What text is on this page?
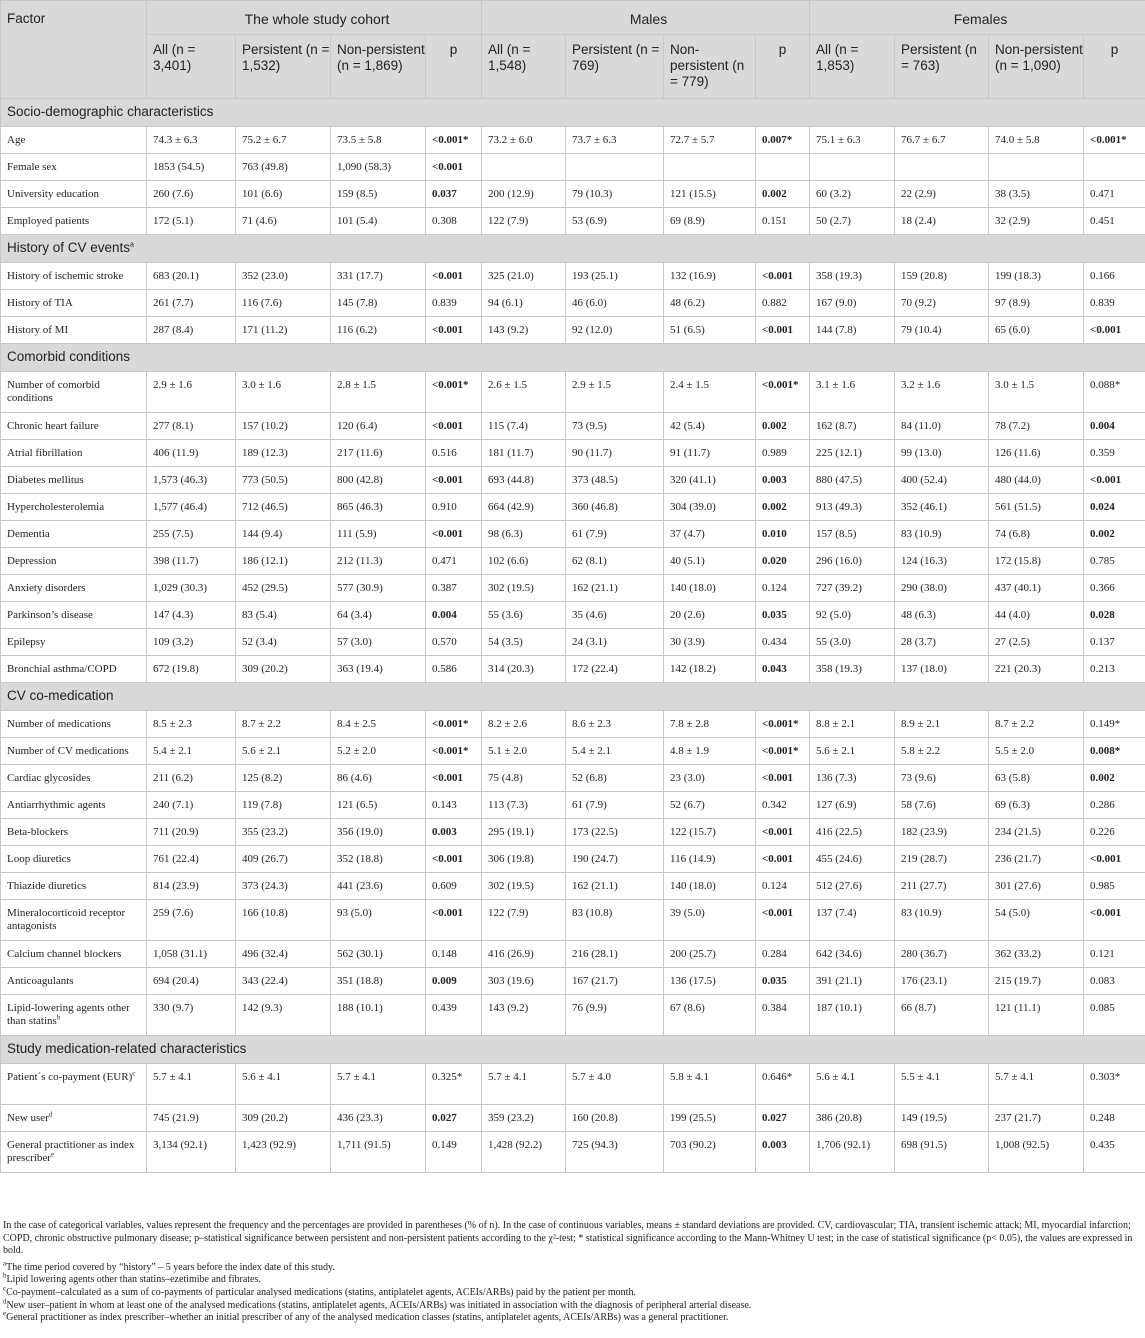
Factor	The whole study cohort				Males				Females			
	All (n = 3,401)	Persistent (n = 1,532)	Non-persistent (n = 1,869)	p	All (n = 1,548)	Persistent (n = 769)	Non-persistent (n = 779)	p	All (n = 1,853)	Persistent (n = 763)	Non-persistent (n = 1,090)	p
Socio-demographic characteristics												
Age	74.3 ± 6.3	75.2 ± 6.7	73.5 ± 5.8	<0.001*	73.2 ± 6.0	73.7 ± 6.3	72.7 ± 5.7	0.007*	75.1 ± 6.3	76.7 ± 6.7	74.0 ± 5.8	<0.001*
Female sex	1853 (54.5)	763 (49.8)	1,090 (58.3)	<0.001								
University education	260 (7.6)	101 (6.6)	159 (8.5)	0.037	200 (12.9)	79 (10.3)	121 (15.5)	0.002	60 (3.2)	22 (2.9)	38 (3.5)	0.471
Employed patients	172 (5.1)	71 (4.6)	101 (5.4)	0.308	122 (7.9)	53 (6.9)	69 (8.9)	0.151	50 (2.7)	18 (2.4)	32 (2.9)	0.451
History of CV events$^a$
History of ischemic stroke	683 (20.1)	352 (23.0)	331 (17.7)	<0.001	325 (21.0)	193 (25.1)	132 (16.9)	<0.001	358 (19.3)	159 (20.8)	199 (18.3)	0.166
History of TIA	261 (7.7)	116 (7.6)	145 (7.8)	0.839	94 (6.1)	46 (6.0)	48 (6.2)	0.882	167 (9.0)	70 (9.2)	97 (8.9)	0.839
History of MI	287 (8.4)	171 (11.2)	116 (6.2)	<0.001	143 (9.2)	92 (12.0)	51 (6.5)	<0.001	144 (7.8)	79 (10.4)	65 (6.0)	<0.001
Comorbid conditions												
Number of comorbid conditions	2.9 ± 1.6	3.0 ± 1.6	2.8 ± 1.5	<0.001*	2.6 ± 1.5	2.9 ± 1.5	2.4 ± 1.5	<0.001*	3.1 ± 1.6	3.2 ± 1.6	3.0 ± 1.5	0.088*
Chronic heart failure	277 (8.1)	157 (10.2)	120 (6.4)	<0.001	115 (7.4)	73 (9.5)	42 (5.4)	0.002	162 (8.7)	84 (11.0)	78 (7.2)	0.004
Atrial fibrillation	406 (11.9)	189 (12.3)	217 (11.6)	0.516	181 (11.7)	90 (11.7)	91 (11.7)	0.989	225 (12.1)	99 (13.0)	126 (11.6)	0.359
Diabetes mellitus	1,573 (46.3)	773 (50.5)	800 (42.8)	<0.001	693 (44.8)	373 (48.5)	320 (41.1)	0.003	880 (47.5)	400 (52.4)	480 (44.0)	<0.001
Hypercholesterolemia	1,577 (46.4)	712 (46.5)	865 (46.3)	0.910	664 (42.9)	360 (46.8)	304 (39.0)	0.002	913 (49.3)	352 (46.1)	561 (51.5)	0.024
Dementia	255 (7.5)	144 (9.4)	111 (5.9)	<0.001	98 (6.3)	61 (7.9)	37 (4.7)	0.010	157 (8.5)	83 (10.9)	74 (6.8)	0.002
Depression	398 (11.7)	186 (12.1)	212 (11.3)	0.471	102 (6.6)	62 (8.1)	40 (5.1)	0.020	296 (16.0)	124 (16.3)	172 (15.8)	0.785
Anxiety disorders	1,029 (30.3)	452 (29.5)	577 (30.9)	0.387	302 (19.5)	162 (21.1)	140 (18.0)	0.124	727 (39.2)	290 (38.0)	437 (40.1)	0.366
Parkinson’s disease	147 (4.3)	83 (5.4)	64 (3.4)	0.004	55 (3.6)	35 (4.6)	20 (2.6)	0.035	92 (5.0)	48 (6.3)	44 (4.0)	0.028
Epilepsy	109 (3.2)	52 (3.4)	57 (3.0)	0.570	54 (3.5)	24 (3.1)	30 (3.9)	0.434	55 (3.0)	28 (3.7)	27 (2.5)	0.137
Bronchial asthma/COPD	672 (19.8)	309 (20.2)	363 (19.4)	0.586	314 (20.3)	172 (22.4)	142 (18.2)	0.043	358 (19.3)	137 (18.0)	221 (20.3)	0.213
CV co-medication												
Number of medications	8.5 ± 2.3	8.7 ± 2.2	8.4 ± 2.5	<0.001*	8.2 ± 2.6	8.6 ± 2.3	7.8 ± 2.8	<0.001*	8.8 ± 2.1	8.9 ± 2.1	8.7 ± 2.2	0.149*
Number of CV medications	5.4 ± 2.1	5.6 ± 2.1	5.2 ± 2.0	<0.001*	5.1 ± 2.0	5.4 ± 2.1	4.8 ± 1.9	<0.001*	5.6 ± 2.1	5.8 ± 2.2	5.5 ± 2.0	0.008*
Cardiac glycosides	211 (6.2)	125 (8.2)	86 (4.6)	<0.001	75 (4.8)	52 (6.8)	23 (3.0)	<0.001	136 (7.3)	73 (9.6)	63 (5.8)	0.002
Antiarrhythmic agents	240 (7.1)	119 (7.8)	121 (6.5)	0.143	113 (7.3)	61 (7.9)	52 (6.7)	0.342	127 (6.9)	58 (7.6)	69 (6.3)	0.286
Beta-blockers	711 (20.9)	355 (23.2)	356 (19.0)	0.003	295 (19.1)	173 (22.5)	122 (15.7)	<0.001	416 (22.5)	182 (23.9)	234 (21.5)	0.226
Loop diuretics	761 (22.4)	409 (26.7)	352 (18.8)	<0.001	306 (19.8)	190 (24.7)	116 (14.9)	<0.001	455 (24.6)	219 (28.7)	236 (21.7)	<0.001
Thiazide diuretics	814 (23.9)	373 (24.3)	441 (23.6)	0.609	302 (19.5)	162 (21.1)	140 (18.0)	0.124	512 (27.6)	211 (27.7)	301 (27.6)	0.985
Mineralocorticoid receptor antagonists	259 (7.6)	166 (10.8)	93 (5.0)	<0.001	122 (7.9)	83 (10.8)	39 (5.0)	<0.001	137 (7.4)	83 (10.9)	54 (5.0)	<0.001
Calcium channel blockers	1,058 (31.1)	496 (32.4)	562 (30.1)	0.148	416 (26.9)	216 (28.1)	200 (25.7)	0.284	642 (34.6)	280 (36.7)	362 (33.2)	0.121
Anticoagulants	694 (20.4)	343 (22.4)	351 (18.8)	0.009	303 (19.6)	167 (21.7)	136 (17.5)	0.035	391 (21.1)	176 (23.1)	215 (19.7)	0.083
Lipid-lowering agents other than statins$^b$	330 (9.7)	142 (9.3)	188 (10.1)	0.439	143 (9.2)	76 (9.9)	67 (8.6)	0.384	187 (10.1)	66 (8.7)	121 (11.1)	0.085
Study medication-related characteristics												
Patient´s co-payment (EUR)$^c$	5.7 ± 4.1	5.6 ± 4.1	5.7 ± 4.1	0.325*	5.7 ± 4.1	5.7 ± 4.0	5.8 ± 4.1	0.646*	5.6 ± 4.1	5.5 ± 4.1	5.7 ± 4.1	0.303*
New user$^d$	745 (21.9)	309 (20.2)	436 (23.3)	0.027	359 (23.2)	160 (20.8)	199 (25.5)	0.027	386 (20.8)	149 (19.5)	237 (21.7)	0.248
General practitioner as index prescriber$^e$	3,134 (92.1)	1,423 (92.9)	1,711 (91.5)	0.149	1,428 (92.2)	725 (94.3)	703 (90.2)	0.003	1,706 (92.1)	698 (91.5)	1,008 (92.5)	0.435

In the case of categorical variables, values represent the frequency and the percentages are provided in parentheses (% of n). In the case of continuous variables, means ± standard deviations are provided. CV, cardiovascular; TIA, transient ischemic attack; MI, myocardial infarction; COPD, chronic obstructive pulmonary disease; p–statistical significance between persistent and non-persistent patients according to the χ²-test; * statistical significance according to the Mann-Whitney U test; in the case of statistical significance (p< 0.05), the values are expressed in bold.

$^a$The time period covered by “history” – 5 years before the index date of this study.

$^b$Lipid lowering agents other than statins–ezetimibe and fibrates.

$^c$Co-payment–calculated as a sum of co-payments of particular analysed medications (statins, antiplatelet agents, ACEIs/ARBs) paid by the patient per month.

$^d$New user–patient in whom at least one of the analysed medications (statins, antiplatelet agents, ACEIs/ARBs) was initiated in association with the diagnosis of peripheral arterial disease.

$^e$General practitioner as index prescriber–whether an initial prescriber of any of the analysed medication classes (statins, antiplatelet agents, ACEIs/ARBs) was a general practitioner.
